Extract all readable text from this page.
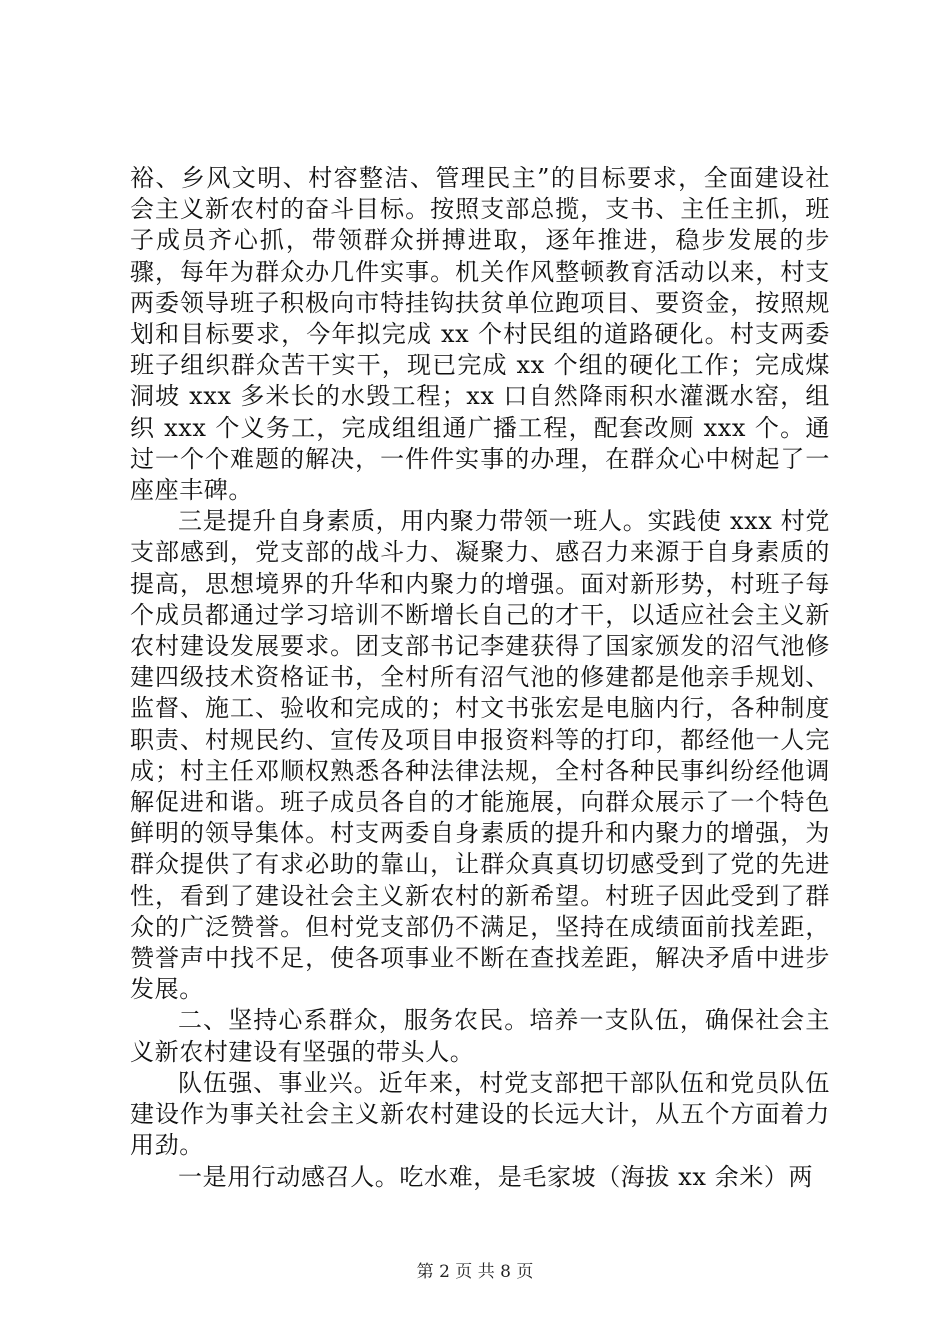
裕、乡风文明、村容整洁、管理民主”的目标要求，全面建设社会主义新农村的奋斗目标。按照支部总揽，支书、主任主抓，班子成员齐心抓，带领群众拼搏进取，逐年推进，稳步发展的步骤，每年为群众办几件实事。机关作风整顿教育活动以来，村支两委领导班子积极向市特挂钩扶贫单位跑项目、要资金，按照规划和目标要求，今年拟完成 xx 个村民组的道路硬化。村支两委班子组织群众苦干实干，现已完成 xx 个组的硬化工作；完成煤洞坡 xxx 多米长的水毁工程；xx 口自然降雨积水灌溉水窑，组织 xxx 个义务工，完成组组通广播工程，配套改厕 xxx 个。通过一个个难题的解决，一件件实事的办理，在群众心中树起了一座座丰碑。

三是提升自身素质，用内聚力带领一班人。实践使 xxx 村党支部感到，党支部的战斗力、凝聚力、感召力来源于自身素质的提高，思想境界的升华和内聚力的增强。面对新形势，村班子每个成员都通过学习培训不断增长自己的才干，以适应社会主义新农村建设发展要求。团支部书记李建获得了国家颁发的沼气池修建四级技术资格证书，全村所有沼气池的修建都是他亲手规划、监督、施工、验收和完成的；村文书张宏是电脑内行，各种制度职责、村规民约、宣传及项目申报资料等的打印，都经他一人完成；村主任邓顺权熟悉各种法律法规，全村各种民事纠纷经他调解促进和谐。班子成员各自的才能施展，向群众展示了一个特色鲜明的领导集体。村支两委自身素质的提升和内聚力的增强，为群众提供了有求必助的靠山，让群众真真切切感受到了党的先进性，看到了建设社会主义新农村的新希望。村班子因此受到了群众的广泛赞誉。但村党支部仍不满足，坚持在成绩面前找差距，赞誉声中找不足，使各项事业不断在查找差距，解决矛盾中进步发展。

二、坚持心系群众，服务农民。培养一支队伍，确保社会主义新农村建设有坚强的带头人。

队伍强、事业兴。近年来，村党支部把干部队伍和党员队伍建设作为事关社会主义新农村建设的长远大计，从五个方面着力用劲。

一是用行动感召人。吃水难，是毛家坡（海拔 xx 余米）两

第 2 页 共 8 页
